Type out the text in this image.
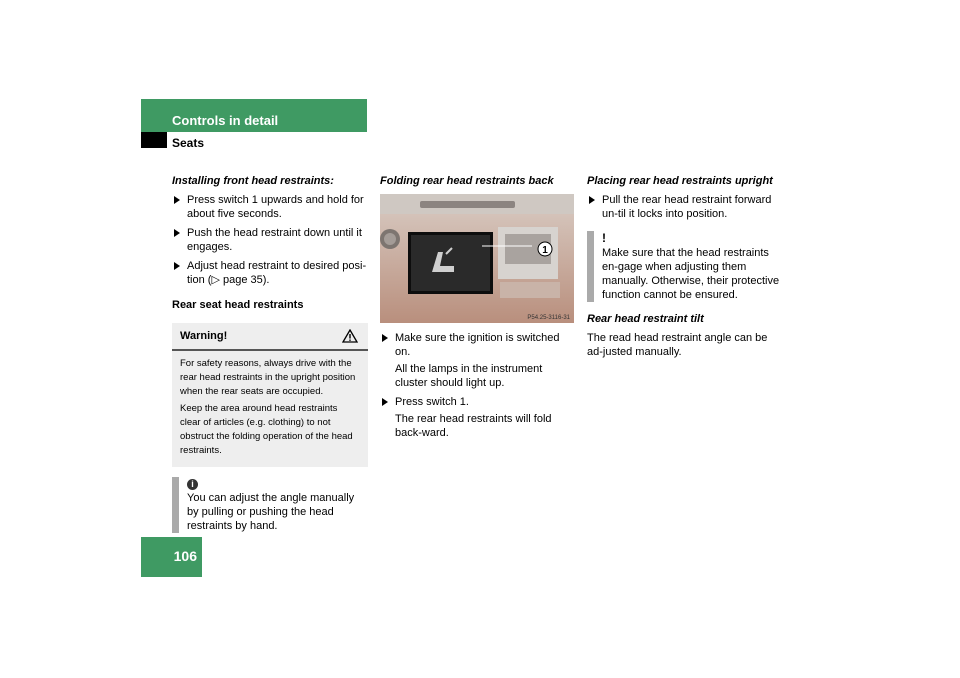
Controls in detail
Seats
106
Installing front head restraints:
Press switch 1 upwards and hold for about five seconds.
Push the head restraint down until it engages.
Adjust head restraint to desired posi-tion (▷ page 35).
Rear seat head restraints
Warning!

For safety reasons, always drive with the rear head restraints in the upright position when the rear seats are occupied.

Keep the area around head restraints clear of articles (e.g. clothing) to not obstruct the folding operation of the head restraints.

i
You can adjust the angle manually by pulling or pushing the head restraints by hand.
Folding rear head restraints back
1
P54.25-3116-31
Make sure the ignition is switched on.
All the lamps in the instrument cluster should light up.
Press switch 1.
The rear head restraints will fold back-ward.
Placing rear head restraints upright
Pull the rear head restraint forward un-til it locks into position.
!
Make sure that the head restraints en-gage when adjusting them manually. Otherwise, their protective function cannot be ensured.
Rear head restraint tilt
The read head restraint angle can be ad-justed manually.
